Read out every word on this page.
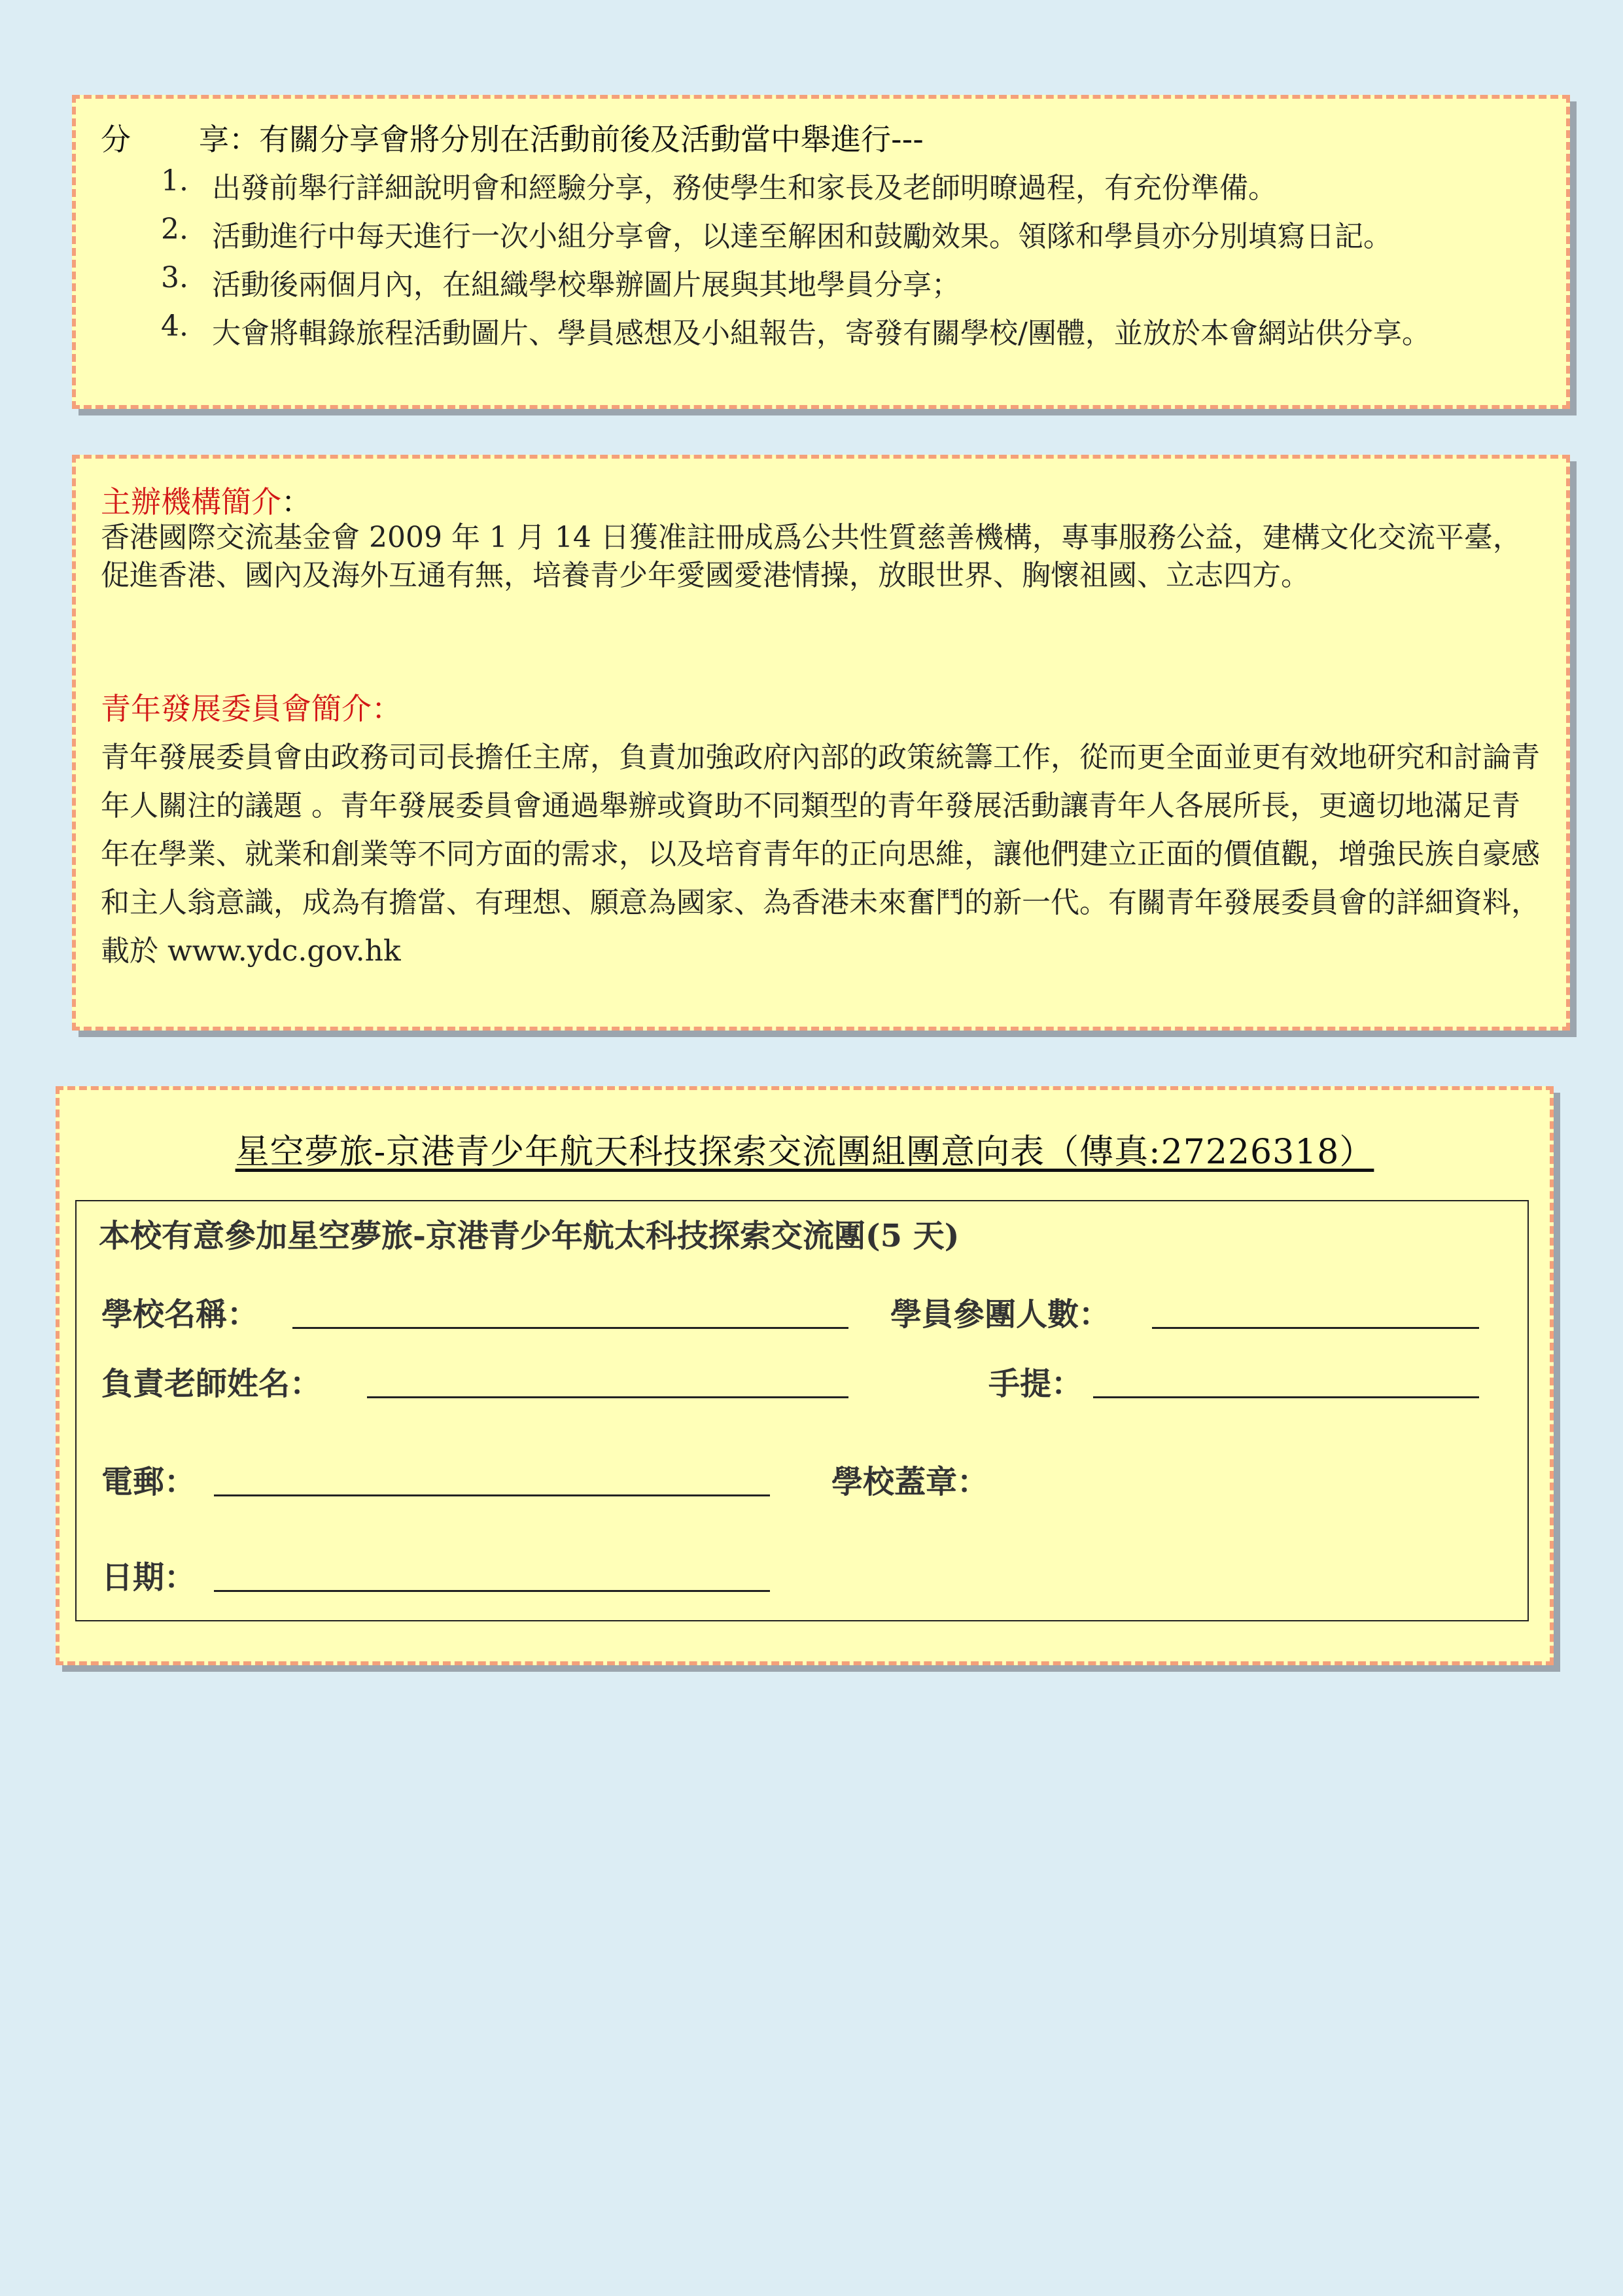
分 享：有關分享會將分別在活動前後及活動當中舉進行---
1. 出發前舉行詳細說明會和經驗分享，務使學生和家長及老師明暸過程，有充份準備。
2. 活動進行中每天進行一次小組分享會，以達至解困和鼓勵效果。領隊和學員亦分別填寫日記。
3. 活動後兩個月內，在組織學校舉辦圖片展與其地學員分享；
4. 大會將輯錄旅程活動圖片、學員感想及小組報告，寄發有關學校/團體，並放於本會網站供分享。
主辦機構簡介：
香港國際交流基金會 2009 年 1 月 14 日獲准註冊成爲公共性質慈善機構，專事服務公益，建構文化交流平臺，促進香港、國內及海外互通有無，培養青少年愛國愛港情操，放眼世界、胸懷祖國、立志四方。
青年發展委員會簡介：
青年發展委員會由政務司司長擔任主席，負責加強政府內部的政策統籌工作，從而更全面並更有效地研究和討論青年人關注的議題 。青年發展委員會通過舉辦或資助不同類型的青年發展活動讓青年人各展所長，更適切地滿足青年在學業、就業和創業等不同方面的需求，以及培育青年的正向思維，讓他們建立正面的價值觀，增強民族自豪感和主人翁意識，成為有擔當、有理想、願意為國家、為香港未來奮鬥的新一代。有關青年發展委員會的詳細資料，載於 www.ydc.gov.hk
星空夢旅-京港青少年航天科技探索交流團組團意向表（傳真:27226318）
本校有意參加星空夢旅-京港青少年航太科技探索交流團(5 天)
學校名稱：	學員參團人數：
負責老師姓名：	手提：
電郵：	學校蓋章：
日期：
